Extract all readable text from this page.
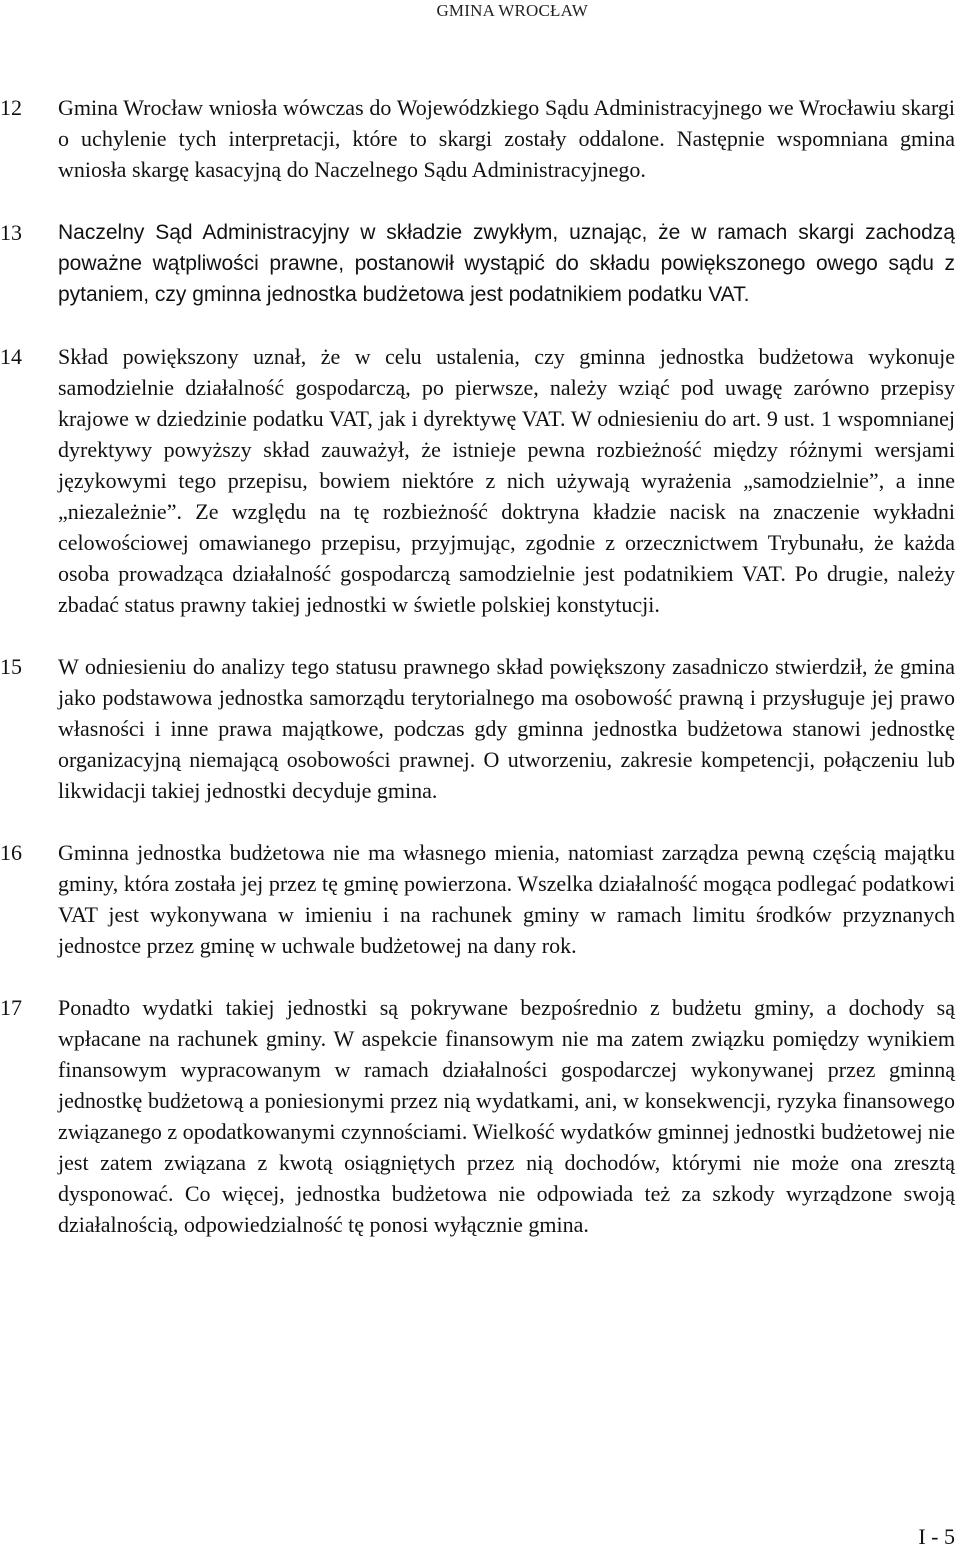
GMINA WROCŁAW
12	Gmina Wrocław wniosła wówczas do Wojewódzkiego Sądu Administracyjnego we Wrocławiu skargi o uchylenie tych interpretacji, które to skargi zostały oddalone. Następnie wspomniana gmina wniosła skargę kasacyjną do Naczelnego Sądu Administracyjnego.
13	Naczelny Sąd Administracyjny w składzie zwykłym, uznając, że w ramach skargi zachodzą poważne wątpliwości prawne, postanowił wystąpić do składu powiększonego owego sądu z pytaniem, czy gminna jednostka budżetowa jest podatnikiem podatku VAT.
14	Skład powiększony uznał, że w celu ustalenia, czy gminna jednostka budżetowa wykonuje samodzielnie działalność gospodarczą, po pierwsze, należy wziąć pod uwagę zarówno przepisy krajowe w dziedzinie podatku VAT, jak i dyrektywę VAT. W odniesieniu do art. 9 ust. 1 wspomnianej dyrektywy powyższy skład zauważył, że istnieje pewna rozbieżność między różnymi wersjami językowymi tego przepisu, bowiem niektóre z nich używają wyrażenia „samodzielnie”, a inne „niezależnie”. Ze względu na tę rozbieżność doktryna kładzie nacisk na znaczenie wykładni celowościowej omawianego przepisu, przyjmując, zgodnie z orzecznictwem Trybunału, że każda osoba prowadząca działalność gospodarczą samodzielnie jest podatnikiem VAT. Po drugie, należy zbadać status prawny takiej jednostki w świetle polskiej konstytucji.
15	W odniesieniu do analizy tego statusu prawnego skład powiększony zasadniczo stwierdził, że gmina jako podstawowa jednostka samorządu terytorialnego ma osobowość prawną i przysługuje jej prawo własności i inne prawa majątkowe, podczas gdy gminna jednostka budżetowa stanowi jednostkę organizacyjną niemającą osobowości prawnej. O utworzeniu, zakresie kompetencji, połączeniu lub likwidacji takiej jednostki decyduje gmina.
16	Gminna jednostka budżetowa nie ma własnego mienia, natomiast zarządza pewną częścią majątku gminy, która została jej przez tę gminę powierzona. Wszelka działalność mogąca podlegać podatkowi VAT jest wykonywana w imieniu i na rachunek gminy w ramach limitu środków przyznanych jednostce przez gminę w uchwale budżetowej na dany rok.
17	Ponadto wydatki takiej jednostki są pokrywane bezpośrednio z budżetu gminy, a dochody są wpłacane na rachunek gminy. W aspekcie finansowym nie ma zatem związku pomiędzy wynikiem finansowym wypracowanym w ramach działalności gospodarczej wykonywanej przez gminną jednostkę budżetową a poniesionymi przez nią wydatkami, ani, w konsekwencji, ryzyka finansowego związanego z opodatkowanymi czynnościami. Wielkość wydatków gminnej jednostki budżetowej nie jest zatem związana z kwotą osiągniętych przez nią dochodów, którymi nie może ona zresztą dysponować. Co więcej, jednostka budżetowa nie odpowiada też za szkody wyrządzone swoją działalnością, odpowiedzialność tę ponosi wyłącznie gmina.
I - 5
